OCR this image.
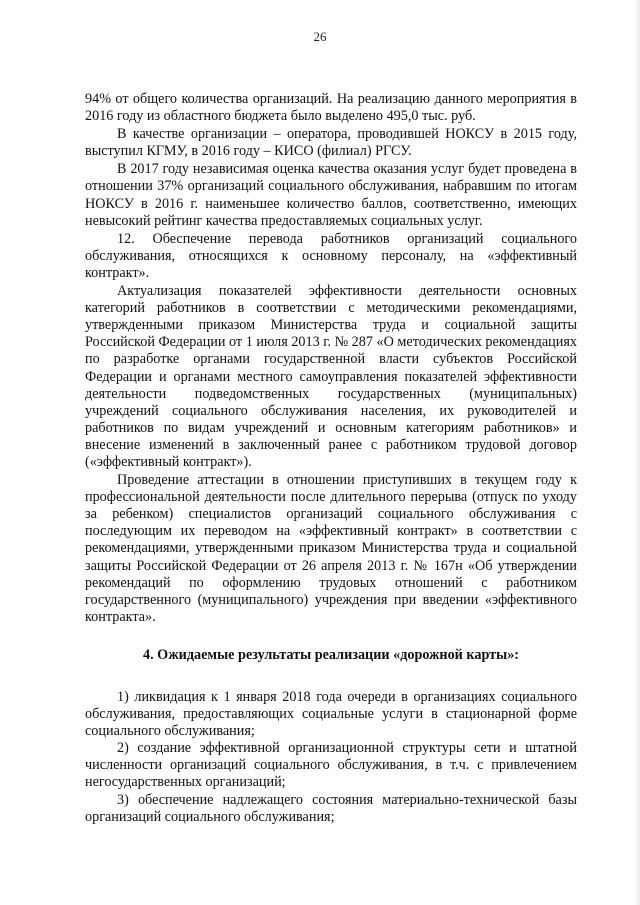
26

94% от общего количества организаций. На реализацию данного мероприятия в 2016 году из областного бюджета было выделено 495,0 тыс. руб.

В качестве организации – оператора, проводившей НОКСУ в 2015 году, выступил КГМУ, в 2016 году – КИСО (филиал) РГСУ.

В 2017 году независимая оценка качества оказания услуг будет проведена в отношении 37% организаций социального обслуживания, набравшим по итогам НОКСУ в 2016 г. наименьшее количество баллов, соответственно, имеющих невысокий рейтинг качества предоставляемых социальных услуг.

12. Обеспечение перевода работников организаций социального обслуживания, относящихся к основному персоналу, на «эффективный контракт».

Актуализация показателей эффективности деятельности основных категорий работников в соответствии с методическими рекомендациями, утвержденными приказом Министерства труда и социальной защиты Российской Федерации от 1 июля 2013 г. № 287 «О методических рекомендациях по разработке органами государственной власти субъектов Российской Федерации и органами местного самоуправления показателей эффективности деятельности подведомственных государственных (муниципальных) учреждений социального обслуживания населения, их руководителей и работников по видам учреждений и основным категориям работников» и внесение изменений в заключенный ранее с работником трудовой договор («эффективный контракт»).

Проведение аттестации в отношении приступивших в текущем году к профессиональной деятельности после длительного перерыва (отпуск по уходу за ребенком) специалистов организаций социального обслуживания с последующим их переводом на «эффективный контракт» в соответствии с рекомендациями, утвержденными приказом Министерства труда и социальной защиты Российской Федерации от 26 апреля 2013 г. № 167н «Об утверждении рекомендаций по оформлению трудовых отношений с работником государственного (муниципального) учреждения при введении «эффективного контракта».

4. Ожидаемые результаты реализации «дорожной карты»:

1) ликвидация к 1 января 2018 года очереди в организациях социального обслуживания, предоставляющих социальные услуги в стационарной форме социального обслуживания;

2) создание эффективной организационной структуры сети и штатной численности организаций социального обслуживания, в т.ч. с привлечением негосударственных организаций;

3) обеспечение надлежащего состояния материально-технической базы организаций социального обслуживания;
